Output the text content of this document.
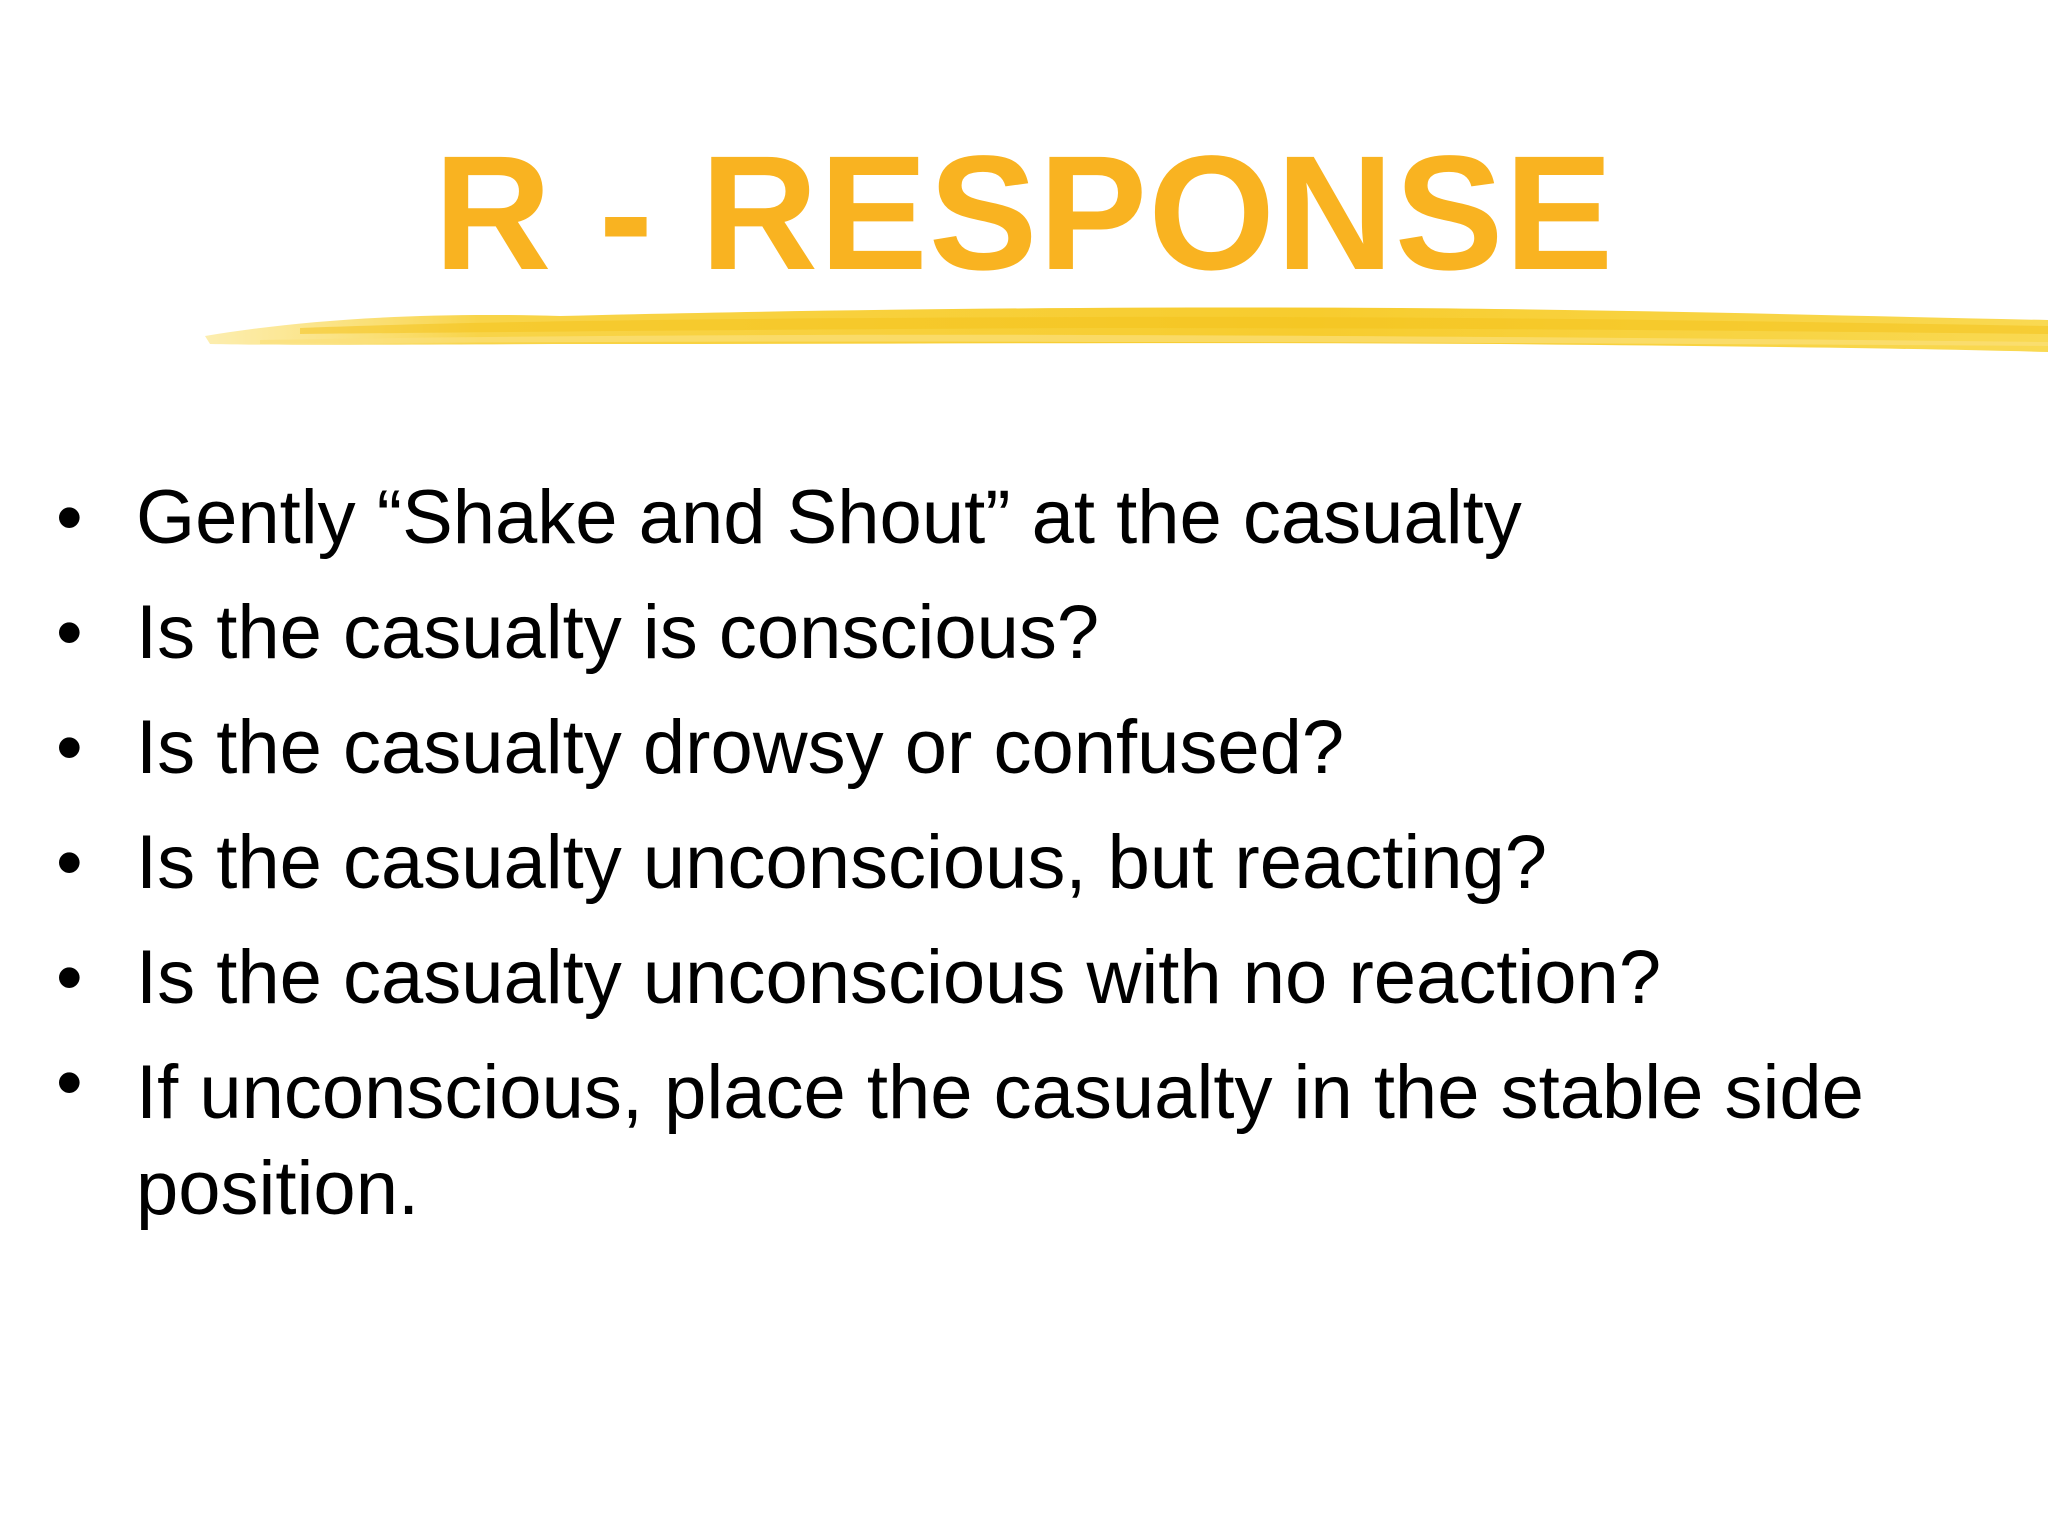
R - RESPONSE
• Gently “Shake and Shout” at the casualty
• Is the casualty is conscious?
• Is the casualty drowsy or confused?
• Is the casualty unconscious, but reacting?
• Is the casualty unconscious with no reaction?
• If unconscious, place the casualty in the stable side position.
